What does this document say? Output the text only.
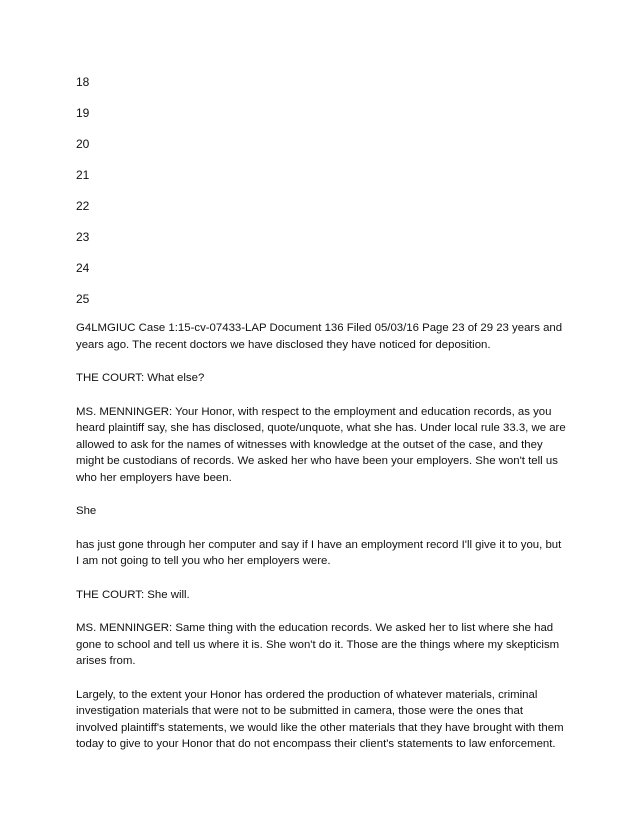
18
19
20
21
22
23
24
25

G4LMGIUC Case 1:15-cv-07433-LAP Document 136 Filed 05/03/16 Page 23 of 29 23 years and years ago. The recent doctors we have disclosed they have noticed for deposition.

THE COURT: What else?

MS. MENNINGER: Your Honor, with respect to the employment and education records, as you heard plaintiff say, she has disclosed, quote/unquote, what she has. Under local rule 33.3, we are allowed to ask for the names of witnesses with knowledge at the outset of the case, and they might be custodians of records. We asked her who have been your employers. She won't tell us who her employers have been.

She

has just gone through her computer and say if I have an employment record I'll give it to you, but I am not going to tell you who her employers were.

THE COURT: She will.

MS. MENNINGER: Same thing with the education records. We asked her to list where she had gone to school and tell us where it is. She won't do it. Those are the things where my skepticism arises from.

Largely, to the extent your Honor has ordered the production of whatever materials, criminal investigation materials that were not to be submitted in camera, those were the ones that involved plaintiff's statements, we would like the other materials that they have brought with them today to give to your Honor that do not encompass their client's statements to law enforcement.
